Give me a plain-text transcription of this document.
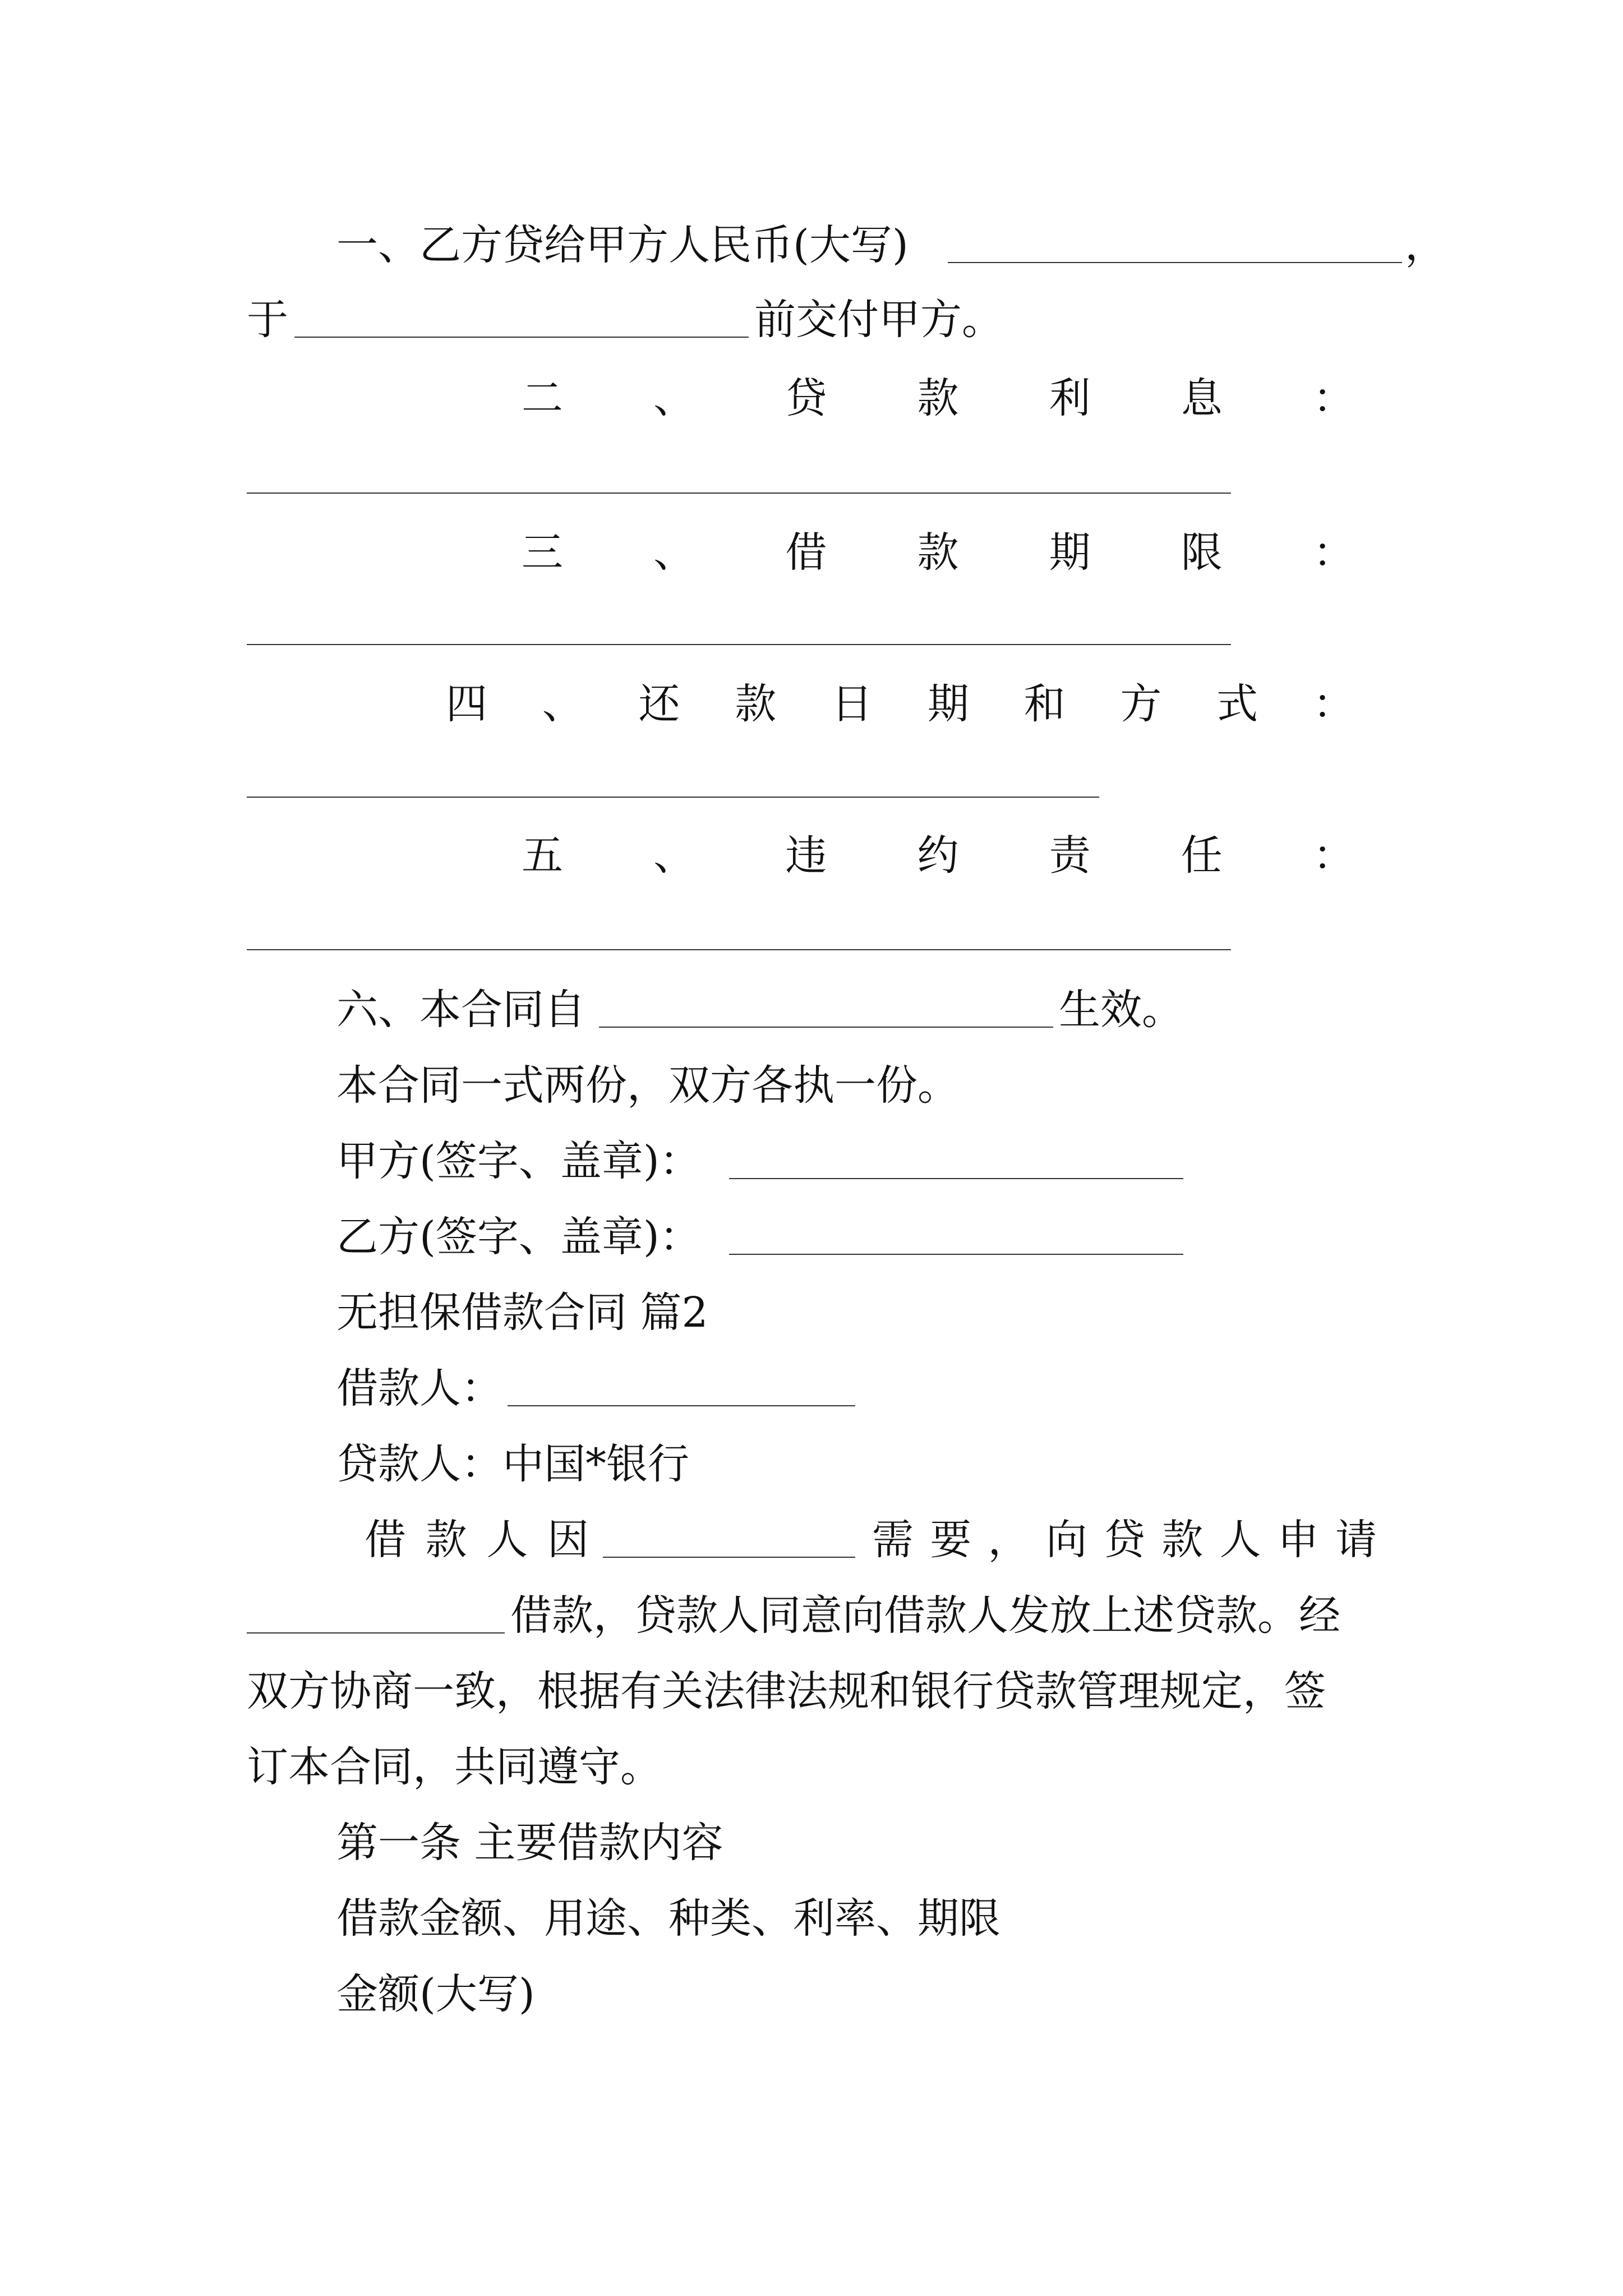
一、乙方贷给甲方人民币(大写)	，
于	前交付甲方。
二 、 贷 款 利 息 ：
三 、 借 款 期 限 ：
四 、 还 款 日 期 和 方 式 ：
五 、 违 约 责 任 ：
六、本合同自	生效。
本合同一式两份，双方各执一份。
甲方(签字、盖章)：
乙方(签字、盖章)：
无担保借款合同 篇2
借款人：
贷款人：中国*银行
借 款 人 因	需 要 ， 向 贷 款 人 申 请
借款，贷款人同意向借款人发放上述贷款。经
双方协商一致，根据有关法律法规和银行贷款管理规定，签
订本合同，共同遵守。
第一条 主要借款内容
借款金额、用途、种类、利率、期限
金额(大写)
